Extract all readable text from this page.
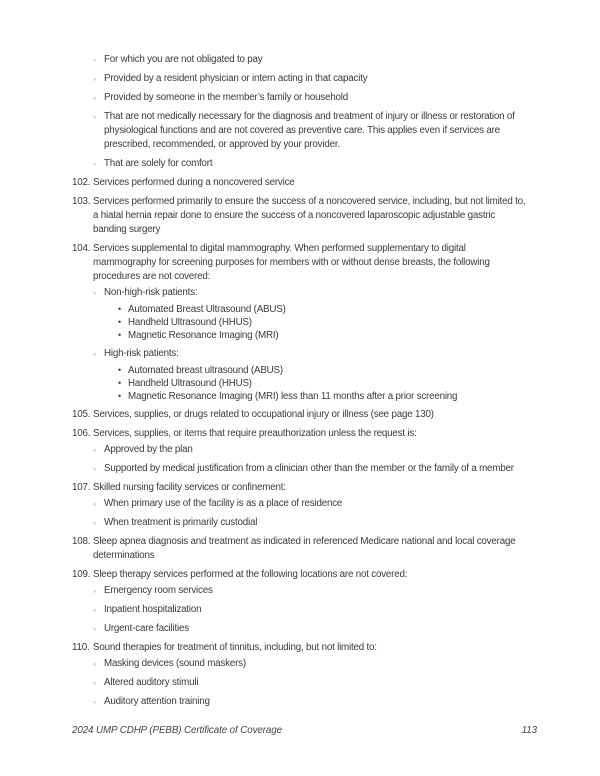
◦ For which you are not obligated to pay
◦ Provided by a resident physician or intern acting in that capacity
◦ Provided by someone in the member’s family or household
◦ That are not medically necessary for the diagnosis and treatment of injury or illness or restoration of physiological functions and are not covered as preventive care. This applies even if services are prescribed, recommended, or approved by your provider.
◦ That are solely for comfort
102. Services performed during a noncovered service
103. Services performed primarily to ensure the success of a noncovered service, including, but not limited to, a hiatal hernia repair done to ensure the success of a noncovered laparoscopic adjustable gastric banding surgery
104. Services supplemental to digital mammography. When performed supplementary to digital mammography for screening purposes for members with or without dense breasts, the following procedures are not covered:
◦ Non-high-risk patients:
• Automated Breast Ultrasound (ABUS)
• Handheld Ultrasound (HHUS)
• Magnetic Resonance Imaging (MRI)
◦ High-risk patients:
• Automated breast ultrasound (ABUS)
• Handheld Ultrasound (HHUS)
• Magnetic Resonance Imaging (MRI) less than 11 months after a prior screening
105. Services, supplies, or drugs related to occupational injury or illness (see page 130)
106. Services, supplies, or items that require preauthorization unless the request is:
◦ Approved by the plan
◦ Supported by medical justification from a clinician other than the member or the family of a member
107. Skilled nursing facility services or confinement:
◦ When primary use of the facility is as a place of residence
◦ When treatment is primarily custodial
108. Sleep apnea diagnosis and treatment as indicated in referenced Medicare national and local coverage determinations
109. Sleep therapy services performed at the following locations are not covered:
◦ Emergency room services
◦ Inpatient hospitalization
◦ Urgent-care facilities
110. Sound therapies for treatment of tinnitus, including, but not limited to:
◦ Masking devices (sound maskers)
◦ Altered auditory stimuli
◦ Auditory attention training
2024 UMP CDHP (PEBB) Certificate of Coverage	113
